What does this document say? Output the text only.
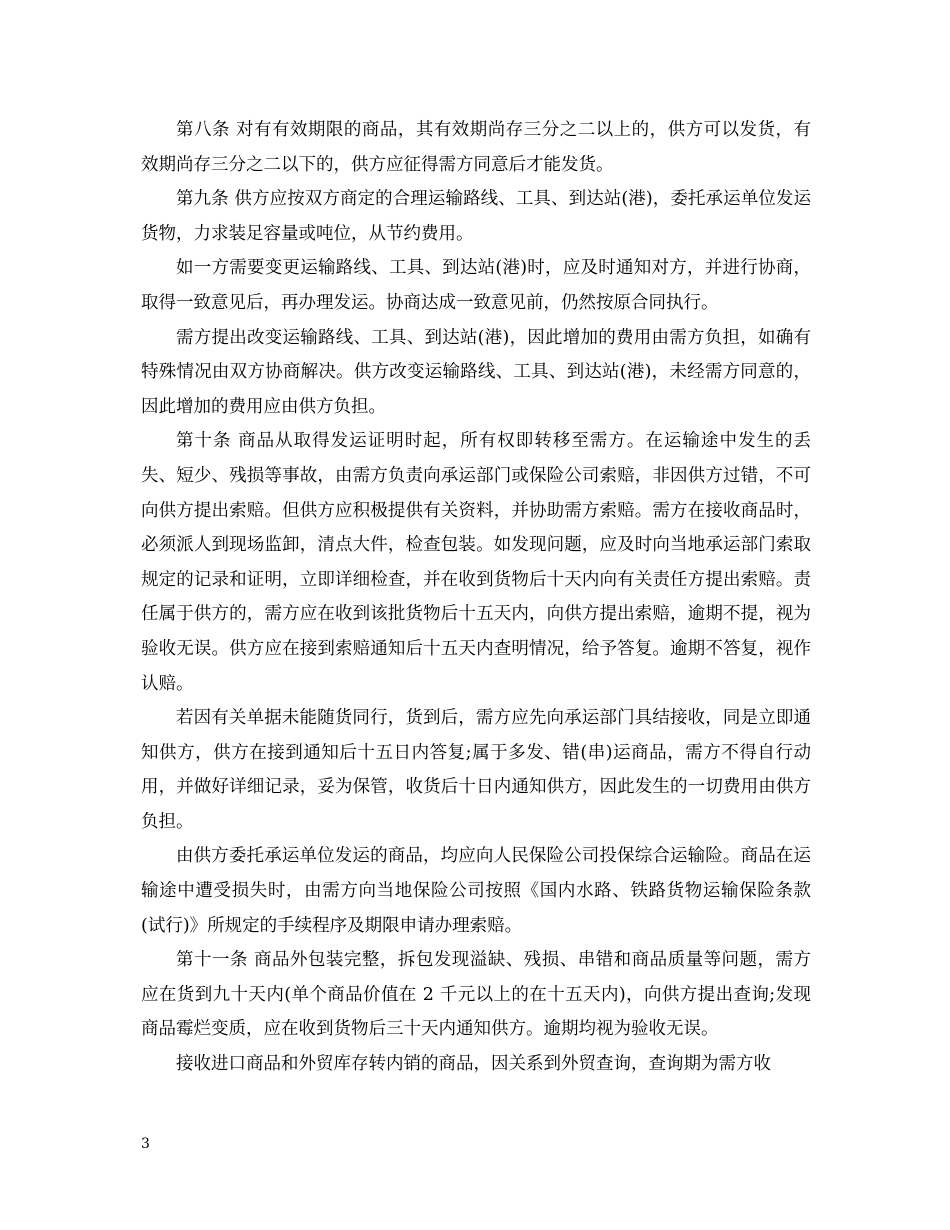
第八条 对有有效期限的商品，其有效期尚存三分之二以上的，供方可以发货，有效期尚存三分之二以下的，供方应征得需方同意后才能发货。

第九条 供方应按双方商定的合理运输路线、工具、到达站(港)，委托承运单位发运货物，力求装足容量或吨位，从节约费用。

如一方需要变更运输路线、工具、到达站(港)时，应及时通知对方，并进行协商，取得一致意见后，再办理发运。协商达成一致意见前，仍然按原合同执行。

需方提出改变运输路线、工具、到达站(港)，因此增加的费用由需方负担，如确有特殊情况由双方协商解决。供方改变运输路线、工具、到达站(港)，未经需方同意的，因此增加的费用应由供方负担。

第十条 商品从取得发运证明时起，所有权即转移至需方。在运输途中发生的丢失、短少、残损等事故，由需方负责向承运部门或保险公司索赔，非因供方过错，不可向供方提出索赔。但供方应积极提供有关资料，并协助需方索赔。需方在接收商品时，必须派人到现场监卸，清点大件，检查包装。如发现问题，应及时向当地承运部门索取规定的记录和证明，立即详细检查，并在收到货物后十天内向有关责任方提出索赔。责任属于供方的，需方应在收到该批货物后十五天内，向供方提出索赔，逾期不提，视为验收无误。供方应在接到索赔通知后十五天内查明情况，给予答复。逾期不答复，视作认赔。

若因有关单据未能随货同行，货到后，需方应先向承运部门具结接收，同是立即通知供方，供方在接到通知后十五日内答复;属于多发、错(串)运商品，需方不得自行动用，并做好详细记录，妥为保管，收货后十日内通知供方，因此发生的一切费用由供方负担。

由供方委托承运单位发运的商品，均应向人民保险公司投保综合运输险。商品在运输途中遭受损失时，由需方向当地保险公司按照《国内水路、铁路货物运输保险条款(试行)》所规定的手续程序及期限申请办理索赔。

第十一条 商品外包装完整，拆包发现溢缺、残损、串错和商品质量等问题，需方应在货到九十天内(单个商品价值在 2 千元以上的在十五天内)，向供方提出查询;发现商品霉烂变质，应在收到货物后三十天内通知供方。逾期均视为验收无误。

接收进口商品和外贸库存转内销的商品，因关系到外贸查询，查询期为需方收

3
